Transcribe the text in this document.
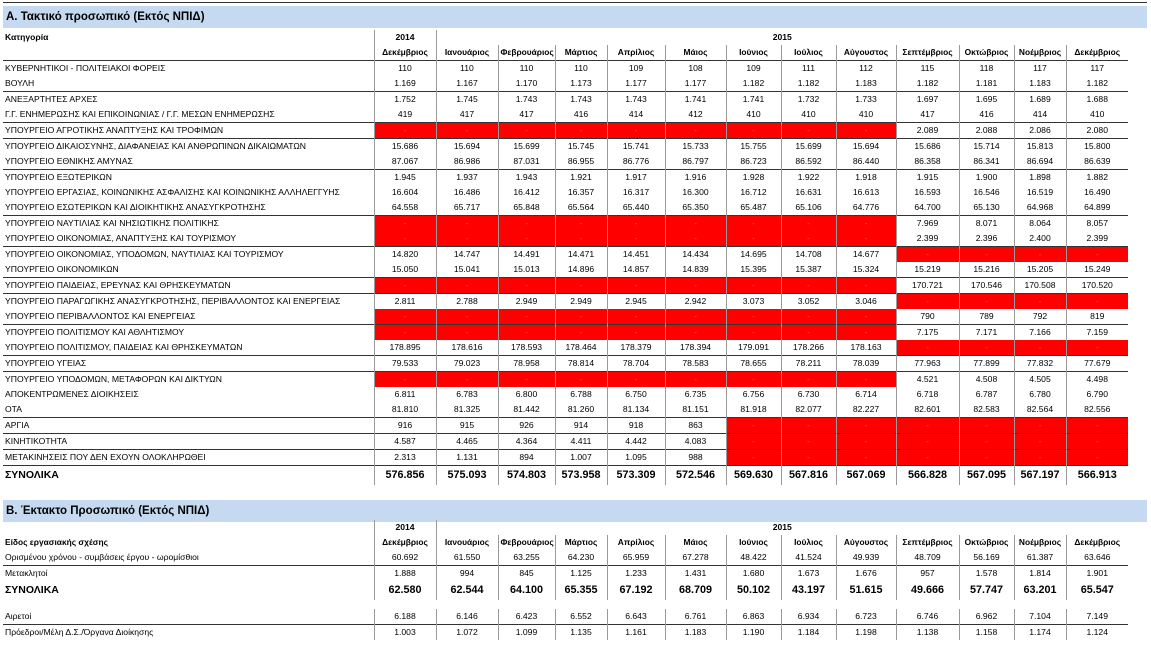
Α. Τακτικό προσωπικό (Εκτός ΝΠΙΔ)
Κατηγορία	2014	2015											
	Δεκέμβριος	Ιανουάριος	Φεβρουάριος	Μάρτιος	Απρίλιος	Μάιος	Ιούνιος	Ιούλιος	Αύγουστος	Σεπτέμβριος	Οκτώβριος	Νοέμβριος	Δεκέμβριος
ΚΥΒΕΡΝΗΤΙΚΟΙ - ΠΟΛΙΤΕΙΑΚΟΙ ΦΟΡΕΙΣ	110	110	110	110	109	108	109	111	112	115	118	117	117
ΒΟΥΛΗ	1.169	1.167	1.170	1.173	1.177	1.177	1.182	1.182	1.183	1.182	1.181	1.183	1.182
ΑΝΕΞΑΡΤΗΤΕΣ ΑΡΧΕΣ	1.752	1.745	1.743	1.743	1.743	1.741	1.741	1.732	1.733	1.697	1.695	1.689	1.688
Γ.Γ. ΕΝΗΜΕΡΩΣΗΣ ΚΑΙ ΕΠΙΚΟΙΝΩΝΙΑΣ / Γ.Γ. ΜΕΣΩΝ ΕΝΗΜΕΡΩΣΗΣ	419	417	417	416	414	412	410	410	410	417	416	414	410
ΥΠΟΥΡΓΕΙΟ ΑΓΡΟΤΙΚΗΣ ΑΝΑΠΤΥΞΗΣ ΚΑΙ ΤΡΟΦΙΜΩΝ	-	-	-	-	-	-	-	-	-	2.089	2.088	2.086	2.080
ΥΠΟΥΡΓΕΙΟ ΔΙΚΑΙΟΣΥΝΗΣ, ΔΙΑΦΑΝΕΙΑΣ ΚΑΙ ΑΝΘΡΩΠΙΝΩΝ ΔΙΚΑΙΩΜΑΤΩΝ	15.686	15.694	15.699	15.745	15.741	15.733	15.755	15.699	15.694	15.686	15.714	15.813	15.800
ΥΠΟΥΡΓΕΙΟ ΕΘΝΙΚΗΣ ΑΜΥΝΑΣ	87.067	86.986	87.031	86.955	86.776	86.797	86.723	86.592	86.440	86.358	86.341	86.694	86.639
ΥΠΟΥΡΓΕΙΟ ΕΞΩΤΕΡΙΚΩΝ	1.945	1.937	1.943	1.921	1.917	1.916	1.928	1.922	1.918	1.915	1.900	1.898	1.882
ΥΠΟΥΡΓΕΙΟ ΕΡΓΑΣΙΑΣ, ΚΟΙΝΩΝΙΚΗΣ ΑΣΦΑΛΙΣΗΣ ΚΑΙ ΚΟΙΝΩΝΙΚΗΣ ΑΛΛΗΛΕΓΓΥΗΣ	16.604	16.486	16.412	16.357	16.317	16.300	16.712	16.631	16.613	16.593	16.546	16.519	16.490
ΥΠΟΥΡΓΕΙΟ ΕΣΩΤΕΡΙΚΩΝ ΚΑΙ ΔΙΟΙΚΗΤΙΚΗΣ ΑΝΑΣΥΓΚΡΟΤΗΣΗΣ	64.558	65.717	65.848	65.564	65.440	65.350	65.487	65.106	64.776	64.700	65.130	64.968	64.899
ΥΠΟΥΡΓΕΙΟ ΝΑΥΤΙΛΙΑΣ ΚΑΙ ΝΗΣΙΩΤΙΚΗΣ ΠΟΛΙΤΙΚΗΣ	-	-	-	-	-	-	-	-	-	7.969	8.071	8.064	8.057
ΥΠΟΥΡΓΕΙΟ ΟΙΚΟΝΟΜΙΑΣ, ΑΝΑΠΤΥΞΗΣ ΚΑΙ ΤΟΥΡΙΣΜΟΥ	-	-	-	-	-	-	-	-	-	2.399	2.396	2.400	2.399
ΥΠΟΥΡΓΕΙΟ ΟΙΚΟΝΟΜΙΑΣ, ΥΠΟΔΟΜΩΝ, ΝΑΥΤΙΛΙΑΣ ΚΑΙ ΤΟΥΡΙΣΜΟΥ	14.820	14.747	14.491	14.471	14.451	14.434	14.695	14.708	14.677	-	-	-	-
ΥΠΟΥΡΓΕΙΟ ΟΙΚΟΝΟΜΙΚΩΝ	15.050	15.041	15.013	14.896	14.857	14.839	15.395	15.387	15.324	15.219	15.216	15.205	15.249
ΥΠΟΥΡΓΕΙΟ ΠΑΙΔΕΙΑΣ, ΕΡΕΥΝΑΣ ΚΑΙ ΘΡΗΣΚΕΥΜΑΤΩΝ	-	-	-	-	-	-	-	-	-	170.721	170.546	170.508	170.520
ΥΠΟΥΡΓΕΙΟ ΠΑΡΑΓΩΓΙΚΗΣ ΑΝΑΣΥΓΚΡΟΤΗΣΗΣ, ΠΕΡΙΒΑΛΛΟΝΤΟΣ ΚΑΙ ΕΝΕΡΓΕΙΑΣ	2.811	2.788	2.949	2.949	2.945	2.942	3.073	3.052	3.046	-	-	-	-
ΥΠΟΥΡΓΕΙΟ ΠΕΡΙΒΑΛΛΟΝΤΟΣ ΚΑΙ ΕΝΕΡΓΕΙΑΣ	-	-	-	-	-	-	-	-	-	790	789	792	819
ΥΠΟΥΡΓΕΙΟ ΠΟΛΙΤΙΣΜΟΥ ΚΑΙ ΑΘΛΗΤΙΣΜΟΥ	-	-	-	-	-	-	-	-	-	7.175	7.171	7.166	7.159
ΥΠΟΥΡΓΕΙΟ ΠΟΛΙΤΙΣΜΟΥ, ΠΑΙΔΕΙΑΣ ΚΑΙ ΘΡΗΣΚΕΥΜΑΤΩΝ	178.895	178.616	178.593	178.464	178.379	178.394	179.091	178.266	178.163	-	-	-	-
ΥΠΟΥΡΓΕΙΟ ΥΓΕΙΑΣ	79.533	79.023	78.958	78.814	78.704	78.583	78.655	78.211	78.039	77.963	77.899	77.832	77.679
ΥΠΟΥΡΓΕΙΟ ΥΠΟΔΟΜΩΝ, ΜΕΤΑΦΟΡΩΝ ΚΑΙ ΔΙΚΤΥΩΝ	-	-	-	-	-	-	-	-	-	4.521	4.508	4.505	4.498
ΑΠΟΚΕΝΤΡΩΜΕΝΕΣ ΔΙΟΙΚΗΣΕΙΣ	6.811	6.783	6.800	6.788	6.750	6.735	6.756	6.730	6.714	6.718	6.787	6.780	6.790
ΟΤΑ	81.810	81.325	81.442	81.260	81.134	81.151	81.918	82.077	82.227	82.601	82.583	82.564	82.556
ΑΡΓΙΑ	916	915	926	914	918	863	-	-	-	-	-	-	-
ΚΙΝΗΤΙΚΟΤΗΤΑ	4.587	4.465	4.364	4.411	4.442	4.083	-	-	-	-	-	-	-
ΜΕΤΑΚΙΝΗΣΕΙΣ ΠΟΥ ΔΕΝ ΕΧΟΥΝ ΟΛΟΚΛΗΡΩΘΕΙ	2.313	1.131	894	1.007	1.095	988	-	-	-	-	-	-	-
ΣΥΝΟΛΙΚΑ	576.856	575.093	574.803	573.958	573.309	572.546	569.630	567.816	567.069	566.828	567.095	567.197	566.913
Β. Έκτακτο Προσωπικό (Εκτός ΝΠΙΔ)
	2014	2015											
Είδος εργασιακής σχέσης	Δεκέμβριος	Ιανουάριος	Φεβρουάριος	Μάρτιος	Απρίλιος	Μάιος	Ιούνιος	Ιούλιος	Αύγουστος	Σεπτέμβριος	Οκτώβριος	Νοέμβριος	Δεκέμβριος
Ορισμένου χρόνου - συμβάσεις έργου - ωρομίσθιοι	60.692	61.550	63.255	64.230	65.959	67.278	48.422	41.524	49.939	48.709	56.169	61.387	63.646
Μετακλητοί	1.888	994	845	1.125	1.233	1.431	1.680	1.673	1.676	957	1.578	1.814	1.901
ΣΥΝΟΛΙΚΑ	62.580	62.544	64.100	65.355	67.192	68.709	50.102	43.197	51.615	49.666	57.747	63.201	65.547

Αιρετοί	6.188	6.146	6.423	6.552	6.643	6.761	6.863	6.934	6.723	6.746	6.962	7.104	7.149
Πρόεδροι/Μέλη Δ.Σ./Όργανα Διοίκησης	1.003	1.072	1.099	1.135	1.161	1.183	1.190	1.184	1.198	1.138	1.158	1.174	1.124
